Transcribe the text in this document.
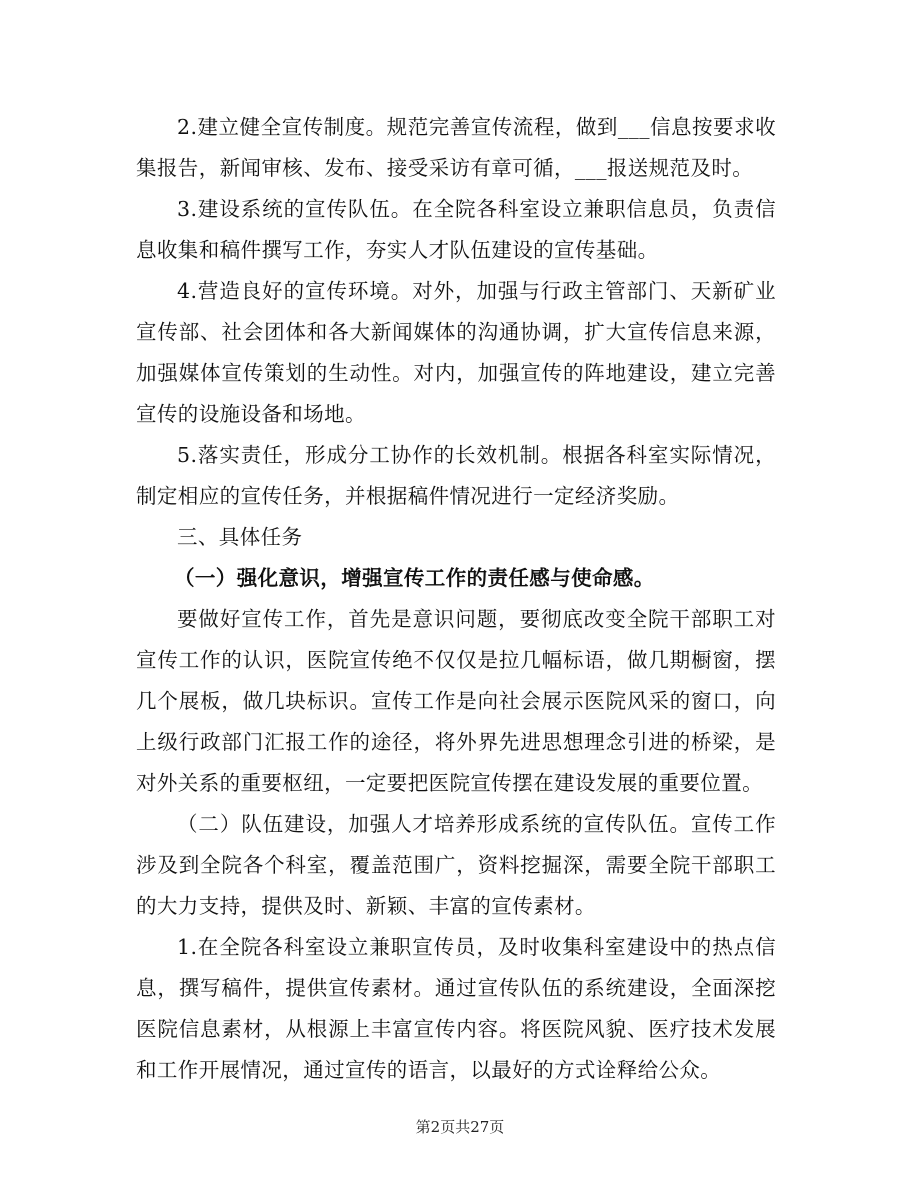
2.建立健全宣传制度。规范完善宣传流程，做到___信息按要求收集报告，新闻审核、发布、接受采访有章可循，___报送规范及时。

3.建设系统的宣传队伍。在全院各科室设立兼职信息员，负责信息收集和稿件撰写工作，夯实人才队伍建设的宣传基础。

4.营造良好的宣传环境。对外，加强与行政主管部门、天新矿业宣传部、社会团体和各大新闻媒体的沟通协调，扩大宣传信息来源，加强媒体宣传策划的生动性。对内，加强宣传的阵地建设，建立完善宣传的设施设备和场地。

5.落实责任，形成分工协作的长效机制。根据各科室实际情况，制定相应的宣传任务，并根据稿件情况进行一定经济奖励。

三、具体任务

（一）强化意识，增强宣传工作的责任感与使命感。

要做好宣传工作，首先是意识问题，要彻底改变全院干部职工对宣传工作的认识，医院宣传绝不仅仅是拉几幅标语，做几期橱窗，摆几个展板，做几块标识。宣传工作是向社会展示医院风采的窗口，向上级行政部门汇报工作的途径，将外界先进思想理念引进的桥梁，是对外关系的重要枢纽，一定要把医院宣传摆在建设发展的重要位置。

（二）队伍建设，加强人才培养形成系统的宣传队伍。宣传工作涉及到全院各个科室，覆盖范围广，资料挖掘深，需要全院干部职工的大力支持，提供及时、新颖、丰富的宣传素材。

1.在全院各科室设立兼职宣传员，及时收集科室建设中的热点信息，撰写稿件，提供宣传素材。通过宣传队伍的系统建设，全面深挖医院信息素材，从根源上丰富宣传内容。将医院风貌、医疗技术发展和工作开展情况，通过宣传的语言，以最好的方式诠释给公众。

第2页共27页
